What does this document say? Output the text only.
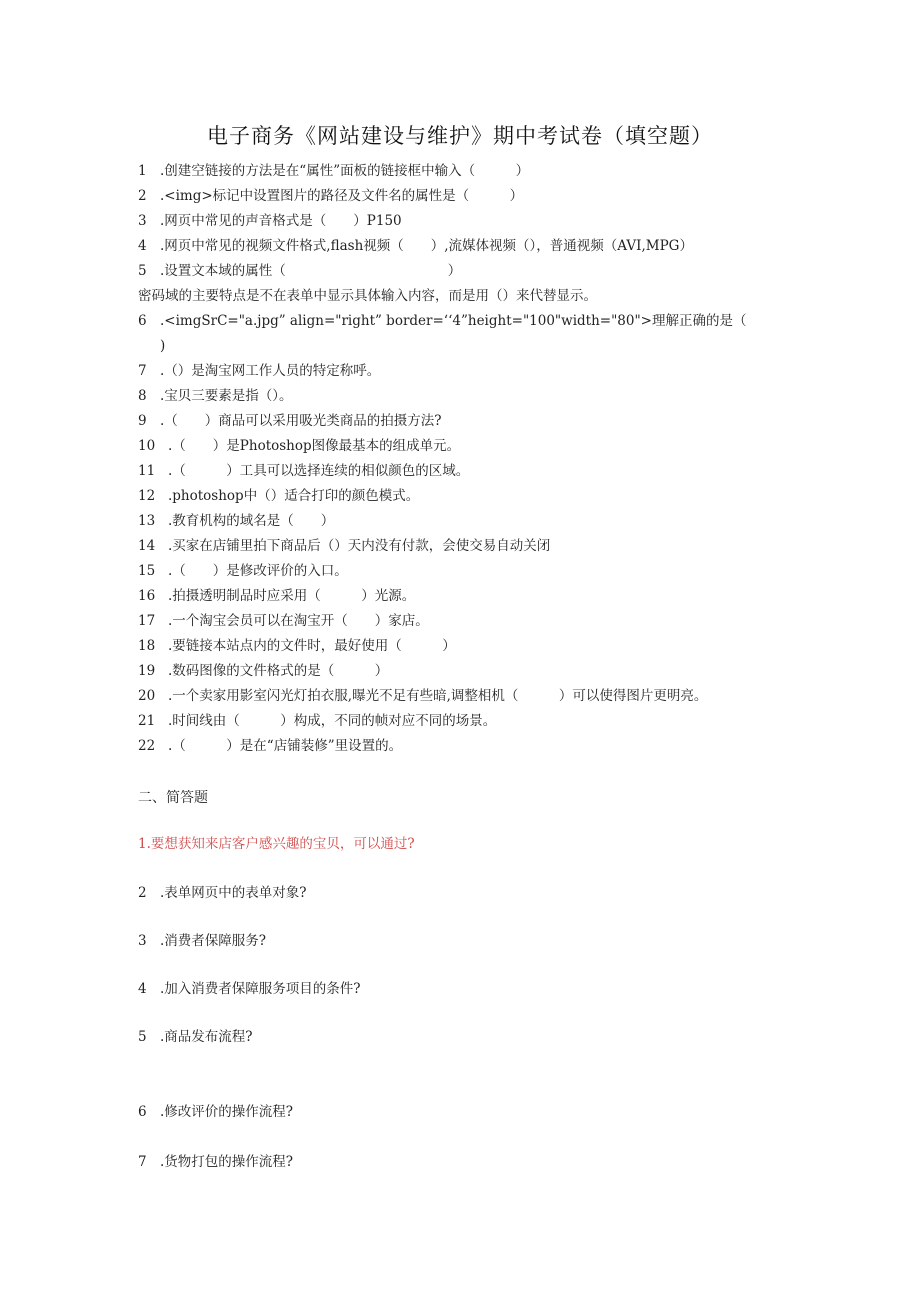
电子商务《网站建设与维护》期中考试卷（填空题）
1 .创建空链接的方法是在“属性”面板的链接框中输入（　　　）
2 .<img>标记中设置图片的路径及文件名的属性是（　　　）
3 .网页中常见的声音格式是（　　）P150
4 .网页中常见的视频文件格式,flash视频（　　）,流媒体视频（），普通视频（AVI,MPG）
5 .设置文本域的属性（　　　　　　　　　　　　）
密码域的主要特点是不在表单中显示具体输入内容，而是用（）来代替显示。
6 .<imgSrC="a.jpg” align="right” border=‘‘4”height="100"width="80">理解正确的是（
)
7 .（）是淘宝网工作人员的特定称呼。
8 .宝贝三要素是指（）。
9 .（　　）商品可以采用吸光类商品的拍摄方法?
10 .（　　）是Photoshop图像最基本的组成单元。
11 .（　　　）工具可以选择连续的相似颜色的区域。
12 .photoshop中（）适合打印的颜色模式。
13 .教育机构的域名是（　　）
14 .买家在店铺里拍下商品后（）天内没有付款，会使交易自动关闭
15 .（　　）是修改评价的入口。
16 .拍摄透明制品时应采用（　　　）光源。
17 .一个淘宝会员可以在淘宝开（　　）家店。
18 .要链接本站点内的文件时，最好使用（　　　）
19 .数码图像的文件格式的是（　　　）
20 .一个卖家用影室闪光灯拍衣服,曝光不足有些暗,调整相机（　　　）可以使得图片更明亮。
21 .时间线由（　　　）构成，不同的帧对应不同的场景。
22 .（　　　）是在“店铺装修”里设置的。
二、简答题
1. 要想获知来店客户感兴趣的宝贝，可以通过?
2 .表单网页中的表单对象?
3 .消费者保障服务?
4 .加入消费者保障服务项目的条件?
5 .商品发布流程?
6 .修改评价的操作流程?
7 .货物打包的操作流程?
